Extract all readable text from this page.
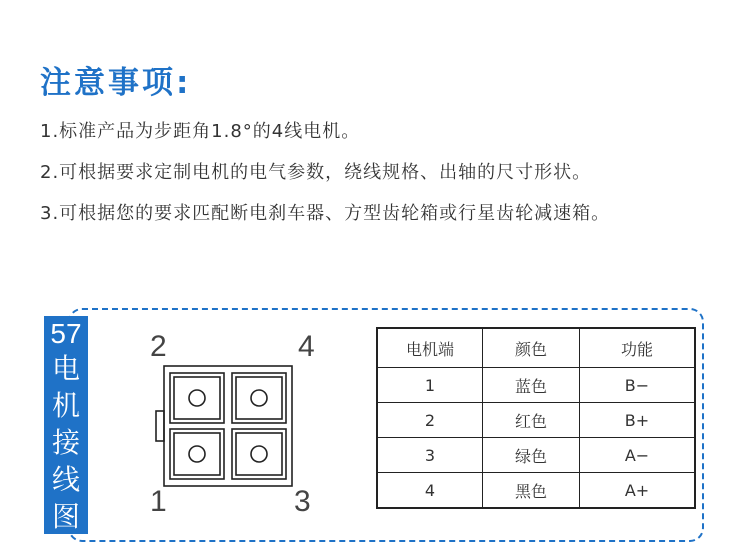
注意事项:
1.标准产品为步距角1.8°的4线电机。
2.可根据要求定制电机的电气参数，绕线规格、出轴的尺寸形状。
3.可根据您的要求匹配断电刹车器、方型齿轮箱或行星齿轮减速箱。
57
电
机
接
线
图
2	4
1	3
电机端	颜色	功能
1	蓝色	B−
2	红色	B+
3	绿色	A−
4	黑色	A+
